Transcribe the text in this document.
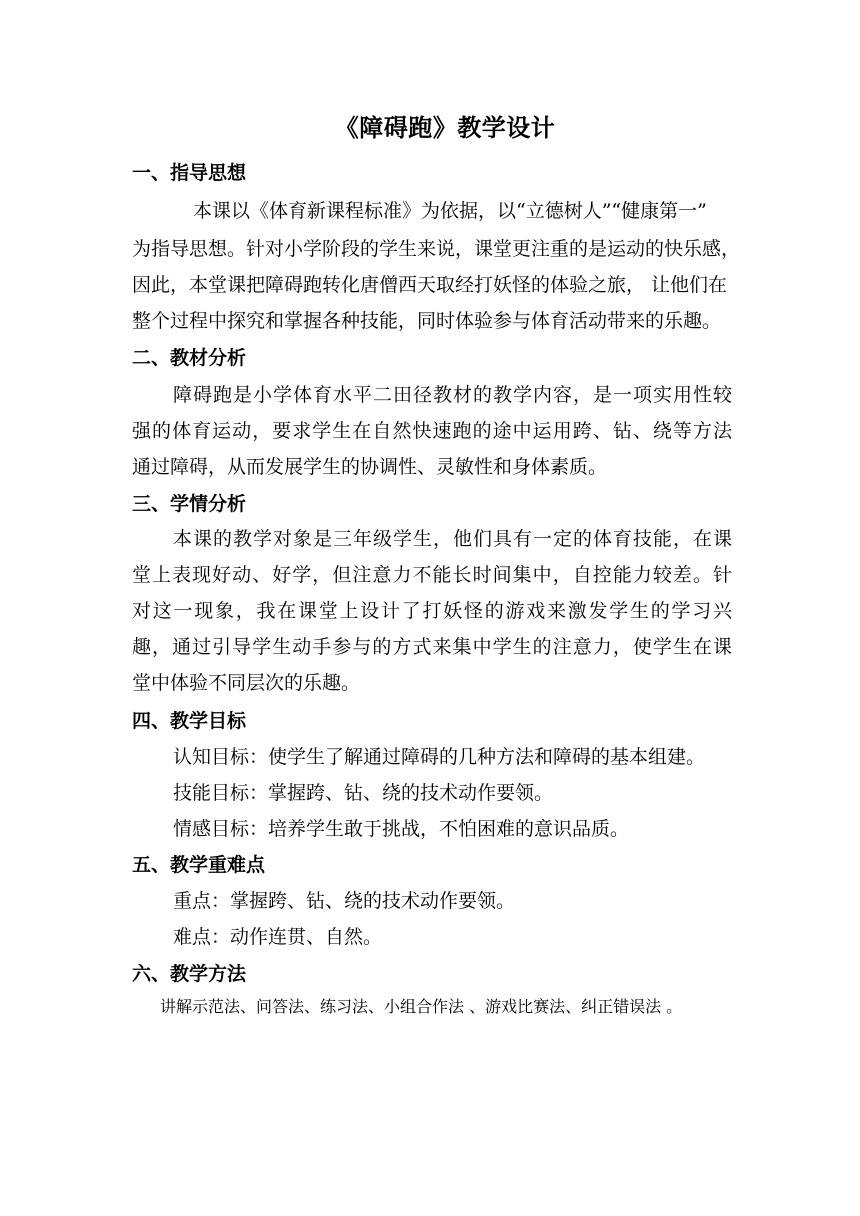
《障碍跑》教学设计
一、指导思想
本课以《体育新课程标准》为依据，以“立德树人”“健康第一”
为指导思想。针对小学阶段的学生来说，课堂更注重的是运动的快乐感，
因此，本堂课把障碍跑转化唐僧西天取经打妖怪的体验之旅， 让他们在
整个过程中探究和掌握各种技能，同时体验参与体育活动带来的乐趣。
二、教材分析
障碍跑是小学体育水平二田径教材的教学内容，是一项实用性较
强的体育运动，要求学生在自然快速跑的途中运用跨、钻、绕等方法
通过障碍，从而发展学生的协调性、灵敏性和身体素质。
三、学情分析
本课的教学对象是三年级学生，他们具有一定的体育技能，在课
堂上表现好动、好学，但注意力不能长时间集中，自控能力较差。针
对这一现象，我在课堂上设计了打妖怪的游戏来激发学生的学习兴
趣，通过引导学生动手参与的方式来集中学生的注意力，使学生在课
堂中体验不同层次的乐趣。
四、教学目标
认知目标：使学生了解通过障碍的几种方法和障碍的基本组建。
技能目标：掌握跨、钻、绕的技术动作要领。
情感目标：培养学生敢于挑战，不怕困难的意识品质。
五、教学重难点
重点：掌握跨、钻、绕的技术动作要领。
难点：动作连贯、自然。
六、教学方法
讲解示范法、问答法、练习法、小组合作法 、游戏比赛法、纠正错误法 。
